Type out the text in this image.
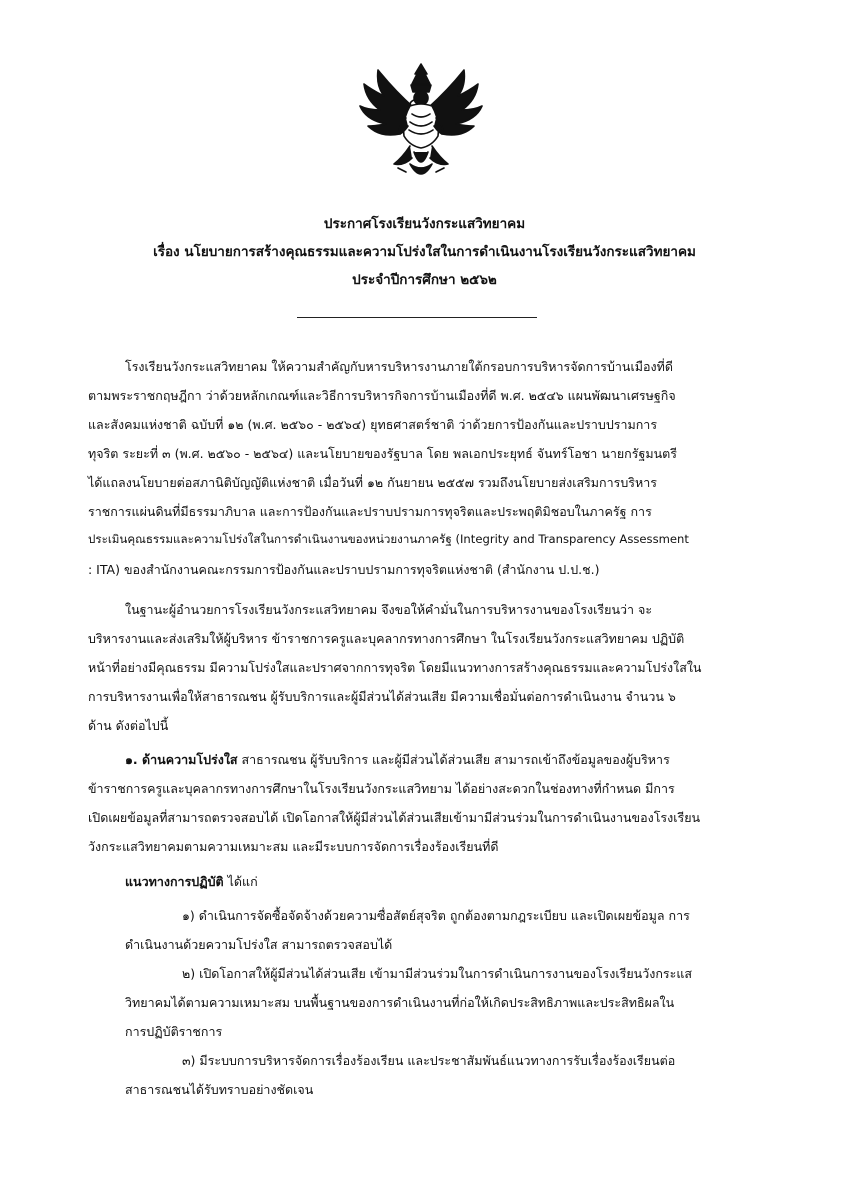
ประกาศโรงเรียนวังกระแสวิทยาคม
เรื่อง นโยบายการสร้างคุณธรรมและความโปร่งใสในการดำเนินงานโรงเรียนวังกระแสวิทยาคม
ประจำปีการศึกษา ๒๕๖๒
โรงเรียนวังกระแสวิทยาคม ให้ความสำคัญกับหารบริหารงานภายใต้กรอบการบริหารจัดการบ้านเมืองที่ดี
ตามพระราชกฤษฎีกา ว่าด้วยหลักเกณฑ์และวิธีการบริหารกิจการบ้านเมืองที่ดี พ.ศ. ๒๕๔๖ แผนพัฒนาเศรษฐกิจ
และสังคมแห่งชาติ ฉบับที่ ๑๒ (พ.ศ. ๒๕๖๐ - ๒๕๖๔) ยุทธศาสตร์ชาติ ว่าด้วยการป้องกันและปราบปรามการ
ทุจริต ระยะที่ ๓ (พ.ศ. ๒๕๖๐ - ๒๕๖๔) และนโยบายของรัฐบาล โดย พลเอกประยุทธ์ จันทร์โอชา นายกรัฐมนตรี
ได้แถลงนโยบายต่อสภานิติบัญญัติแห่งชาติ เมื่อวันที่ ๑๒ กันยายน ๒๕๕๗ รวมถึงนโยบายส่งเสริมการบริหาร
ราชการแผ่นดินที่มีธรรมาภิบาล และการป้องกันและปราบปรามการทุจริตและประพฤติมิชอบในภาครัฐ การ
ประเมินคุณธรรมและความโปร่งใสในการดำเนินงานของหน่วยงานภาครัฐ (Integrity and Transparency Assessment
: ITA) ของสำนักงานคณะกรรมการป้องกันและปราบปรามการทุจริตแห่งชาติ (สำนักงาน ป.ป.ช.)
ในฐานะผู้อำนวยการโรงเรียนวังกระแสวิทยาคม จึงขอให้คำมั่นในการบริหารงานของโรงเรียนว่า จะ
บริหารงานและส่งเสริมให้ผู้บริหาร ข้าราชการครูและบุคลากรทางการศึกษา ในโรงเรียนวังกระแสวิทยาคม ปฏิบัติ
หน้าที่อย่างมีคุณธรรม มีความโปร่งใสและปราศจากการทุจริต โดยมีแนวทางการสร้างคุณธรรมและความโปร่งใสใน
การบริหารงานเพื่อให้สาธารณชน ผู้รับบริการและผู้มีส่วนได้ส่วนเสีย มีความเชื่อมั่นต่อการดำเนินงาน จำนวน ๖
ด้าน ดังต่อไปนี้
๑. ด้านความโปร่งใส สาธารณชน ผู้รับบริการ และผู้มีส่วนได้ส่วนเสีย สามารถเข้าถึงข้อมูลของผู้บริหาร
ข้าราชการครูและบุคลากรทางการศึกษาในโรงเรียนวังกระแสวิทยาม ได้อย่างสะดวกในช่องทางที่กำหนด มีการ
เปิดเผยข้อมูลที่สามารถตรวจสอบได้ เปิดโอกาสให้ผู้มีส่วนได้ส่วนเสียเข้ามามีส่วนร่วมในการดำเนินงานของโรงเรียน
วังกระแสวิทยาคมตามความเหมาะสม และมีระบบการจัดการเรื่องร้องเรียนที่ดี
แนวทางการปฏิบัติ ได้แก่
๑) ดำเนินการจัดซื้อจัดจ้างด้วยความซื่อสัตย์สุจริต ถูกต้องตามกฎระเบียบ และเปิดเผยข้อมูล การ
ดำเนินงานด้วยความโปร่งใส สามารถตรวจสอบได้
๒) เปิดโอกาสให้ผู้มีส่วนได้ส่วนเสีย เข้ามามีส่วนร่วมในการดำเนินการงานของโรงเรียนวังกระแส
วิทยาคมได้ตามความเหมาะสม บนพื้นฐานของการดำเนินงานที่ก่อให้เกิดประสิทธิภาพและประสิทธิผลใน
การปฏิบัติราชการ
๓) มีระบบการบริหารจัดการเรื่องร้องเรียน และประชาสัมพันธ์แนวทางการรับเรื่องร้องเรียนต่อ
สาธารณชนได้รับทราบอย่างชัดเจน
